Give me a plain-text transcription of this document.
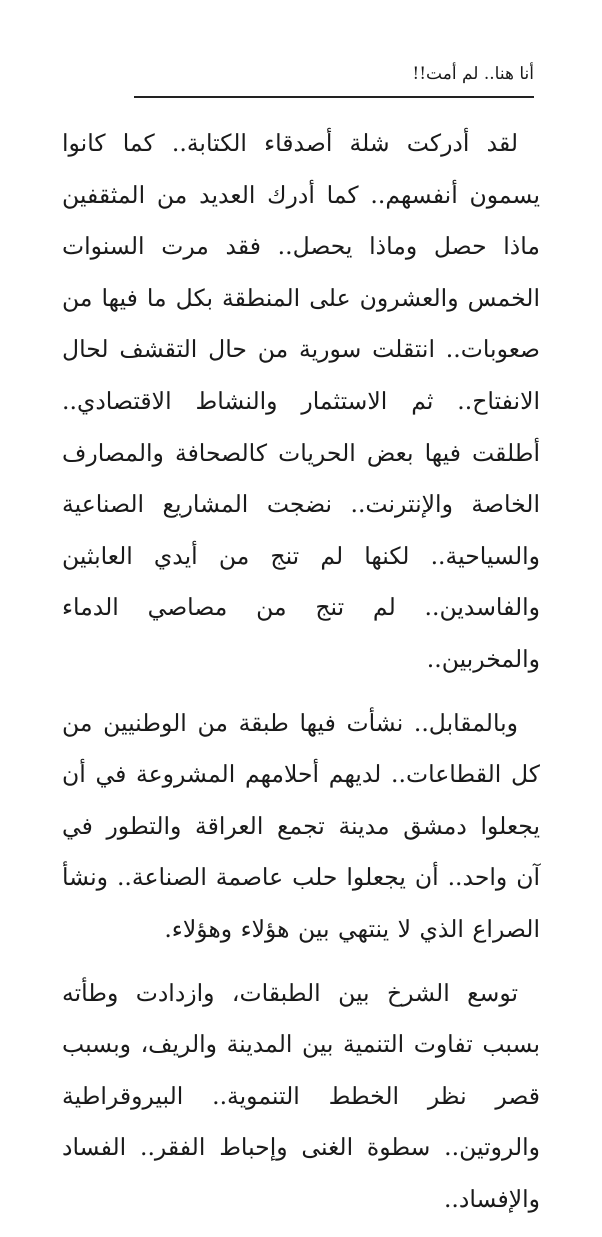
أنا هنا.. لم أمت!!

لقد أدركت شلة أصدقاء الكتابة.. كما كانوا يسمون أنفسهم.. كما أدرك العديد من المثقفين ماذا حصل وماذا يحصل.. فقد مرت السنوات الخمس والعشرون على المنطقة بكل ما فيها من صعوبات.. انتقلت سورية من حال التقشف لحال الانفتاح.. ثم الاستثمار والنشاط الاقتصادي.. أطلقت فيها بعض الحريات كالصحافة والمصارف الخاصة والإنترنت.. نضجت المشاريع الصناعية والسياحية.. لكنها لم تنج من أيدي العابثين والفاسدين.. لم تنج من مصاصي الدماء والمخربين..

وبالمقابل.. نشأت فيها طبقة من الوطنيين من كل القطاعات.. لديهم أحلامهم المشروعة في أن يجعلوا دمشق مدينة تجمع العراقة والتطور في آن واحد.. أن يجعلوا حلب عاصمة الصناعة.. ونشأ الصراع الذي لا ينتهي بين هؤلاء وهؤلاء.

توسع الشرخ بين الطبقات، وازدادت وطأته بسبب تفاوت التنمية بين المدينة والريف، وبسبب قصر نظر الخطط التنموية.. البيروقراطية والروتين.. سطوة الغنى وإحباط الفقر.. الفساد والإفساد..
